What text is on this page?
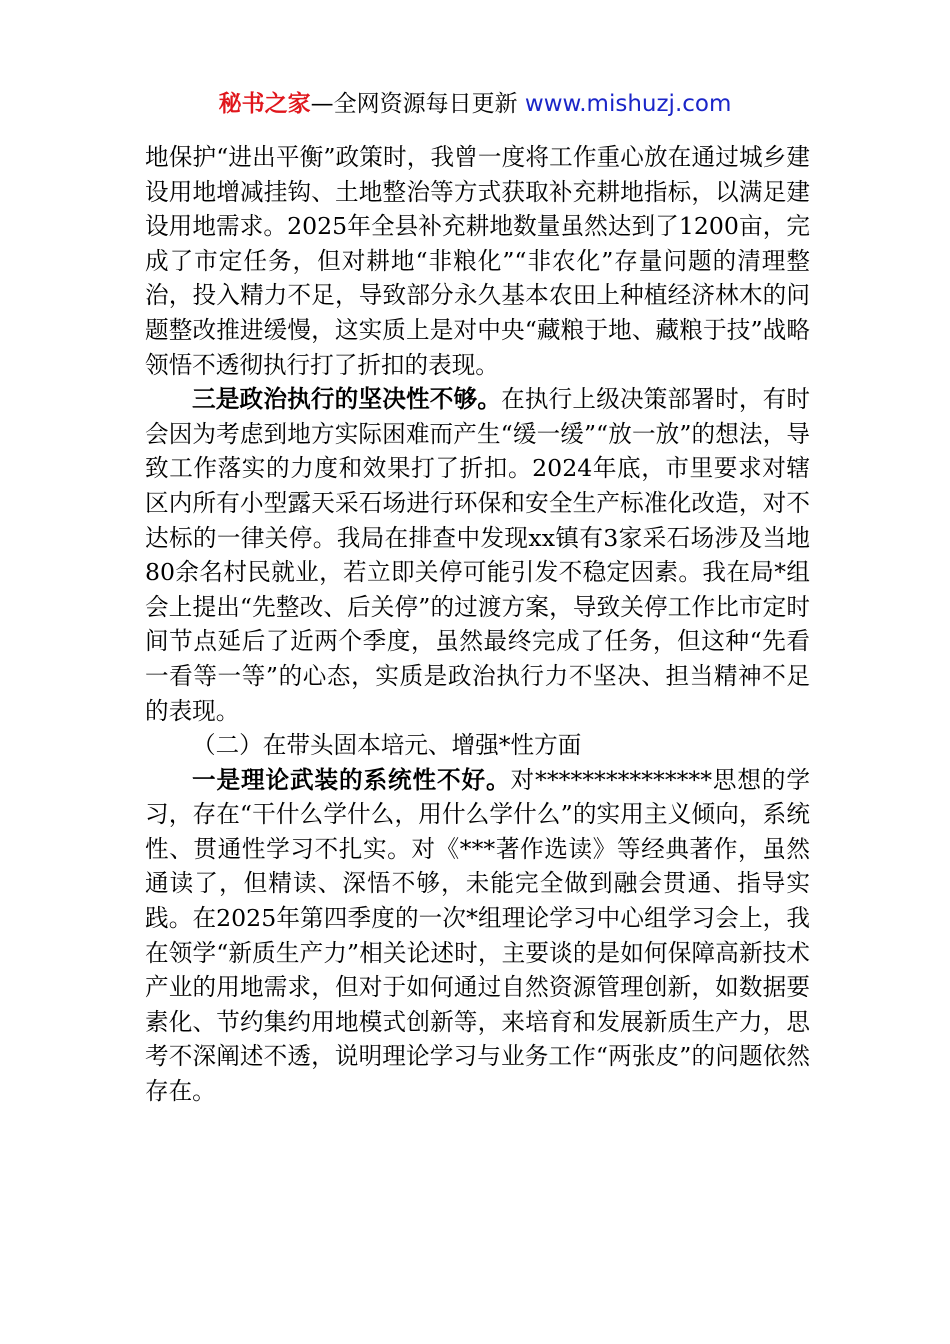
秘书之家—全网资源每日更新 www.mishuzj.com

地保护“进出平衡”政策时，我曾一度将工作重心放在通过城乡建设用地增减挂钩、土地整治等方式获取补充耕地指标，以满足建设用地需求。2025年全县补充耕地数量虽然达到了1200亩，完成了市定任务，但对耕地“非粮化”“非农化”存量问题的清理整治，投入精力不足，导致部分永久基本农田上种植经济林木的问题整改推进缓慢，这实质上是对中央“藏粮于地、藏粮于技”战略领悟不透彻执行打了折扣的表现。

三是政治执行的坚决性不够。在执行上级决策部署时，有时会因为考虑到地方实际困难而产生“缓一缓”“放一放”的想法，导致工作落实的力度和效果打了折扣。2024年底，市里要求对辖区内所有小型露天采石场进行环保和安全生产标准化改造，对不达标的一律关停。我局在排查中发现xx镇有3家采石场涉及当地80余名村民就业，若立即关停可能引发不稳定因素。我在局*组会上提出“先整改、后关停”的过渡方案，导致关停工作比市定时间节点延后了近两个季度，虽然最终完成了任务，但这种“先看一看等一等”的心态，实质是政治执行力不坚决、担当精神不足的表现。

（二）在带头固本培元、增强*性方面

一是理论武装的系统性不好。对***************思想的学习，存在“干什么学什么，用什么学什么”的实用主义倾向，系统性、贯通性学习不扎实。对《***著作选读》等经典著作，虽然通读了，但精读、深悟不够，未能完全做到融会贯通、指导实践。在2025年第四季度的一次*组理论学习中心组学习会上，我在领学“新质生产力”相关论述时，主要谈的是如何保障高新技术产业的用地需求，但对于如何通过自然资源管理创新，如数据要素化、节约集约用地模式创新等，来培育和发展新质生产力，思考不深阐述不透，说明理论学习与业务工作“两张皮”的问题依然存在。
